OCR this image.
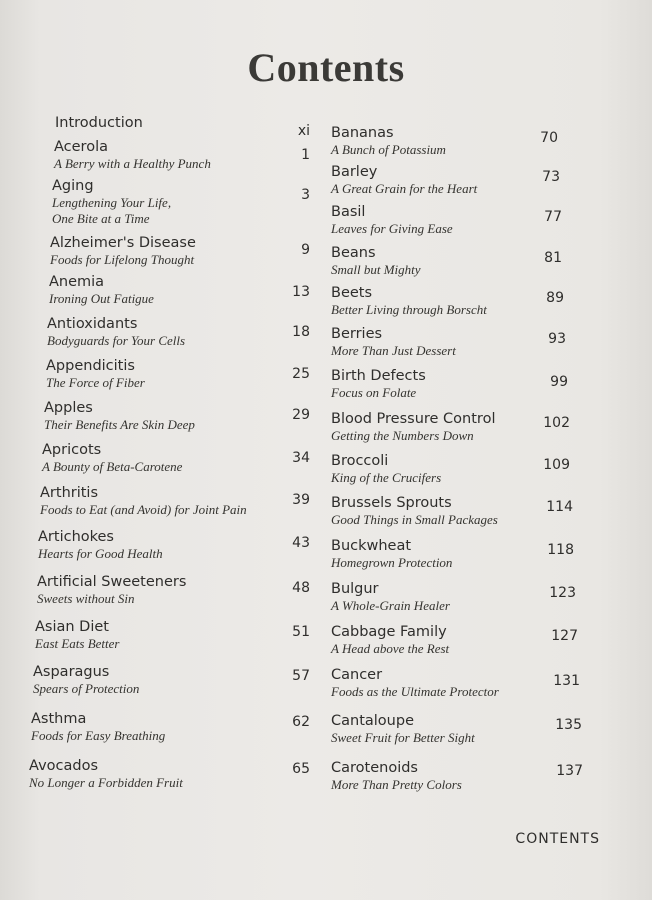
Contents
Introduction	xi
Acerola
A Berry with a Healthy Punch
1
Aging
Lengthening Your Life,
One Bite at a Time
3
Alzheimer's Disease
Foods for Lifelong Thought
9
Anemia
Ironing Out Fatigue	13
Antioxidants
Bodyguards for Your Cells
18
Appendicitis
The Force of Fiber
25
Apples
Their Benefits Are Skin Deep
29
Apricots
A Bounty of Beta-Carotene
34
Arthritis
Foods to Eat (and Avoid) for Joint Pain
39
Artichokes
Hearts for Good Health
43
Artificial Sweeteners
Sweets without Sin
48
Asian Diet
East Eats Better
51
Asparagus
Spears of Protection
57
Asthma
Foods for Easy Breathing
62
Avocados
No Longer a Forbidden Fruit
65
Bananas
A Bunch of Potassium
70
Barley
A Great Grain for the Heart
73
Basil
Leaves for Giving Ease
77
Beans
Small but Mighty
81
Beets
Better Living through Borscht
89
Berries
More Than Just Dessert
93
Birth Defects
Focus on Folate
99
Blood Pressure Control
Getting the Numbers Down
102
Broccoli
King of the Crucifers
109
Brussels Sprouts
Good Things in Small Packages
114
Buckwheat
Homegrown Protection
118
Bulgur
A Whole-Grain Healer
123
Cabbage Family
A Head above the Rest
127
Cancer
Foods as the Ultimate Protector
131
Cantaloupe
Sweet Fruit for Better Sight
135
Carotenoids
More Than Pretty Colors
137
CONTENTS
